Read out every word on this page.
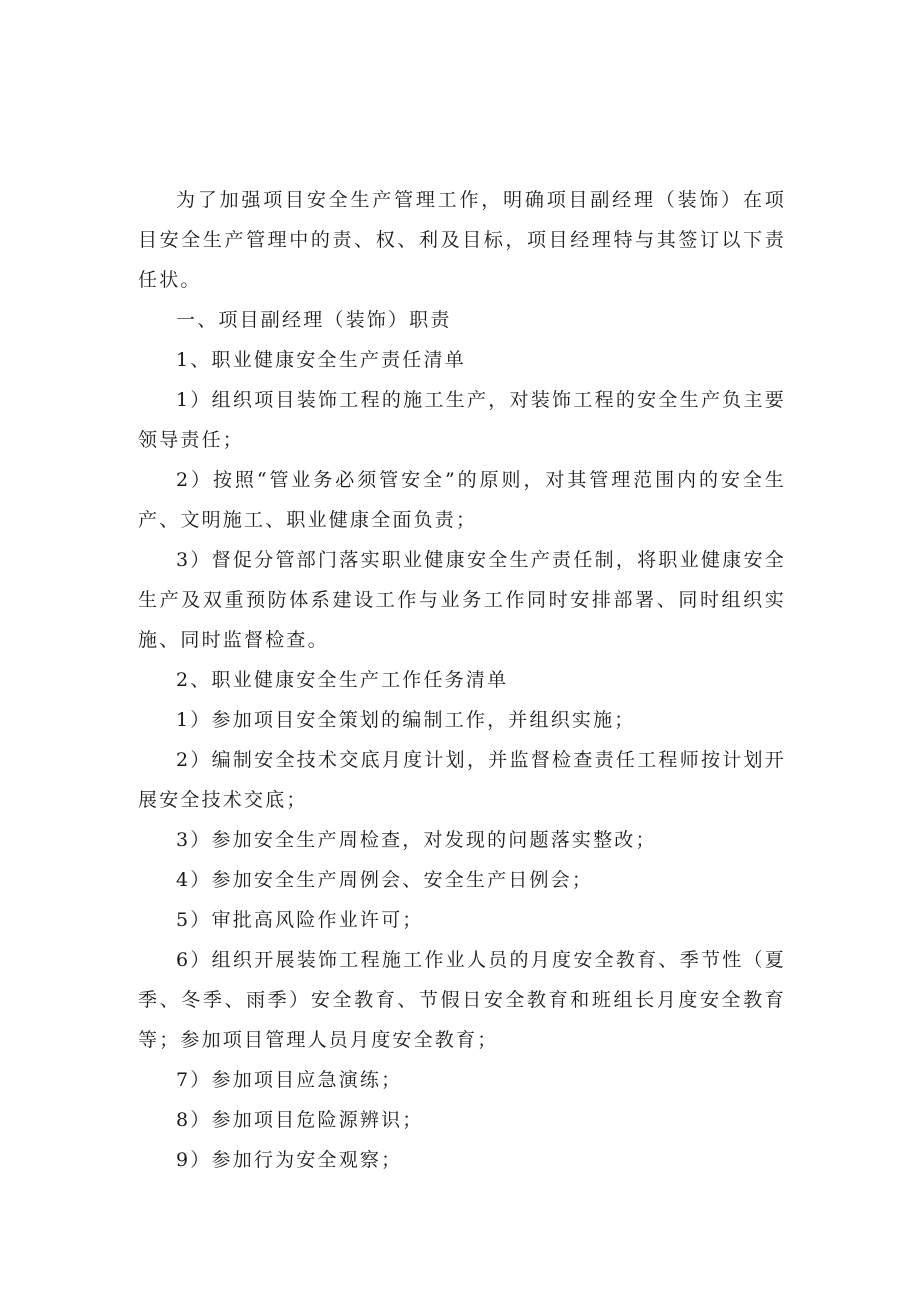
为了加强项目安全生产管理工作，明确项目副经理（装饰）在项目安全生产管理中的责、权、利及目标，项目经理特与其签订以下责任状。

一、项目副经理（装饰）职责

1、职业健康安全生产责任清单

1）组织项目装饰工程的施工生产，对装饰工程的安全生产负主要领导责任；

2）按照“管业务必须管安全”的原则，对其管理范围内的安全生产、文明施工、职业健康全面负责；

3）督促分管部门落实职业健康安全生产责任制，将职业健康安全生产及双重预防体系建设工作与业务工作同时安排部署、同时组织实施、同时监督检查。

2、职业健康安全生产工作任务清单

1）参加项目安全策划的编制工作，并组织实施；

2）编制安全技术交底月度计划，并监督检查责任工程师按计划开展安全技术交底；

3）参加安全生产周检查，对发现的问题落实整改；

4）参加安全生产周例会、安全生产日例会；

5）审批高风险作业许可；

6）组织开展装饰工程施工作业人员的月度安全教育、季节性（夏季、冬季、雨季）安全教育、节假日安全教育和班组长月度安全教育等；参加项目管理人员月度安全教育；

7）参加项目应急演练；

8）参加项目危险源辨识；

9）参加行为安全观察；
